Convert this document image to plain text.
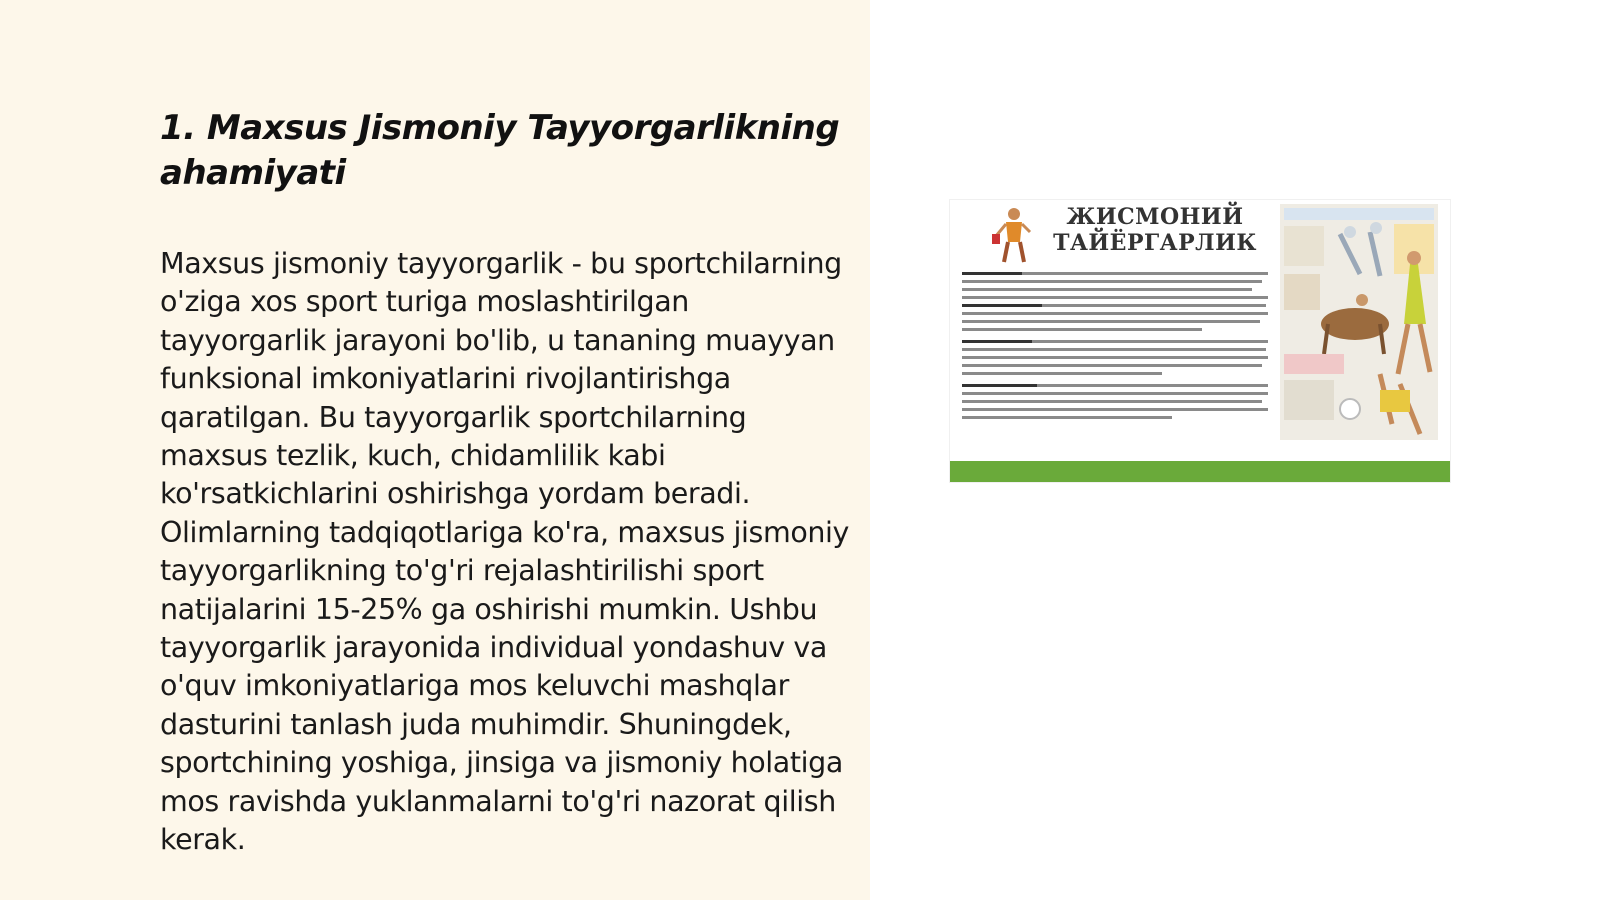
1. Maxsus Jismoniy Tayyorgarlikning ahamiyati

Maxsus jismoniy tayyorgarlik - bu sportchilarning o'ziga xos sport turiga moslashtirilgan tayyorgarlik jarayoni bo'lib, u tananing muayyan funksional imkoniyatlarini rivojlantirishga qaratilgan. Bu tayyorgarlik sportchilarning maxsus tezlik, kuch, chidamlilik kabi ko'rsatkichlarini oshirishga yordam beradi. Olimlarning tadqiqotlariga ko'ra, maxsus jismoniy tayyorgarlikning to'g'ri rejalashtirilishi sport natijalarini 15-25% ga oshirishi mumkin. Ushbu tayyorgarlik jarayonida individual yondashuv va o'quv imkoniyatlariga mos keluvchi mashqlar dasturini tanlash juda muhimdir. Shuningdek, sportchining yoshiga, jinsiga va jismoniy holatiga mos ravishda yuklanmalarni to'g'ri nazorat qilish kerak.

ЖИСМОНИЙ
ТАЙЁРГАРЛИК
